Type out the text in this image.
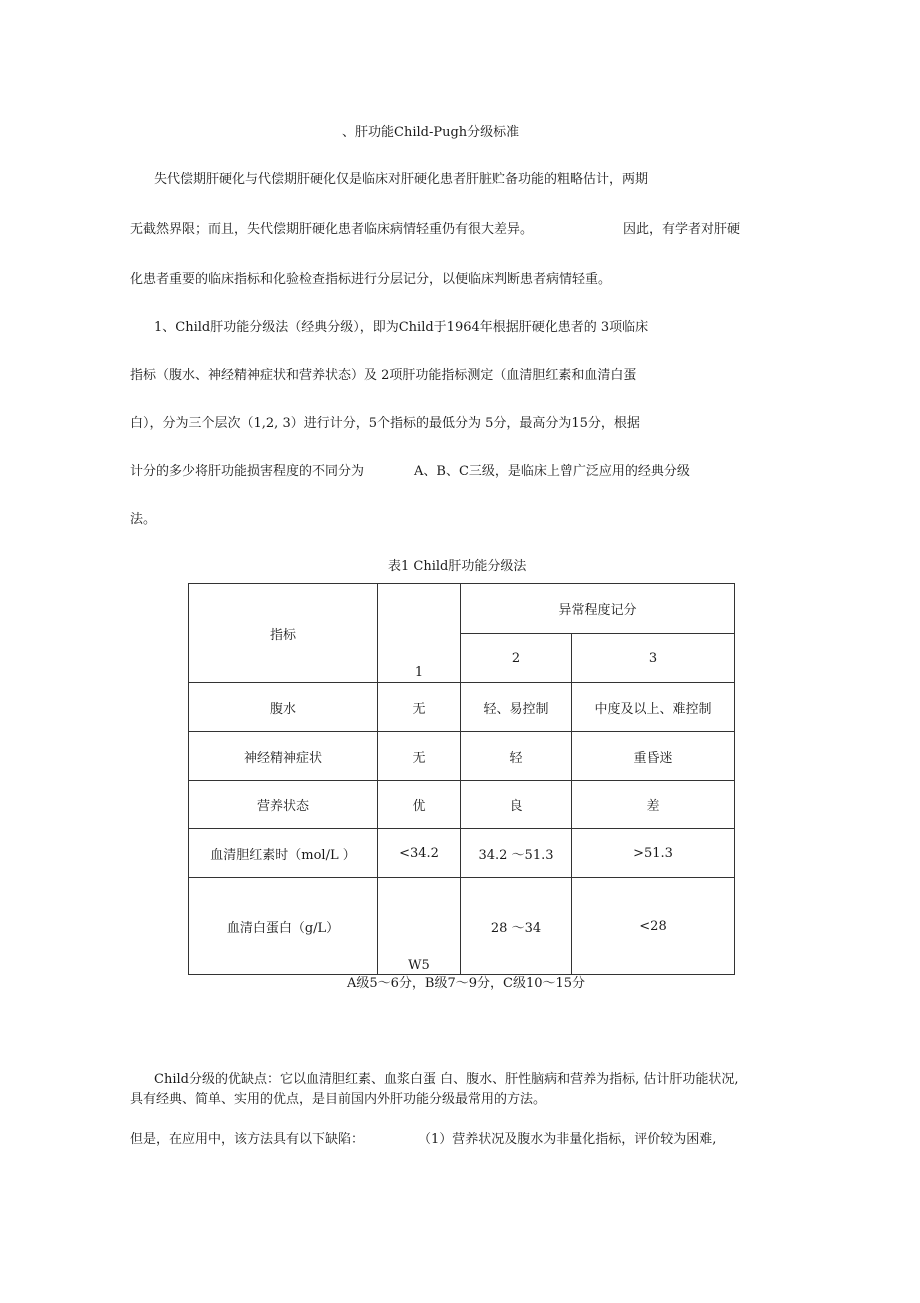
、肝功能Child-Pugh分级标准
失代偿期肝硬化与代偿期肝硬化仅是临床对肝硬化患者肝脏贮备功能的粗略估计，两期
无截然界限；而且，失代偿期肝硬化患者临床病情轻重仍有很大差异。	因此，有学者对肝硬
化患者重要的临床指标和化验检查指标进行分层记分，以便临床判断患者病情轻重。
1、Child肝功能分级法（经典分级），即为Child于1964年根据肝硬化患者的 3项临床
指标（腹水、神经精神症状和营养状态）及 2项肝功能指标测定（血清胆红素和血清白蛋
白），分为三个层次（1,2, 3）进行计分，5个指标的最低分为 5分，最高分为15分，根据
计分的多少将肝功能损害程度的不同分为	A、B、C三级，是临床上曾广泛应用的经典分级
法。
表1 Child肝功能分级法
指标	1	异常程度记分	
		2	3
腹水	无	轻、易控制	中度及以上、难控制
神经精神症状	无	轻	重昏迷
营养状态	优	良	差
血清胆红素时（mol/L ）	<34.2	34.2 ～51.3	>51.3
血清白蛋白（g/L）	W5	28 ～34	<28
A级5～6分，B级7～9分，C级10～15分
Child分级的优缺点：它以血清胆红素、血浆白蛋 白、腹水、肝性脑病和营养为指标, 估计肝功能状况,
具有经典、简单、实用的优点，是目前国内外肝功能分级最常用的方法。
但是，在应用中，该方法具有以下缺陷：	（1）营养状况及腹水为非量化指标，评价较为困难,
